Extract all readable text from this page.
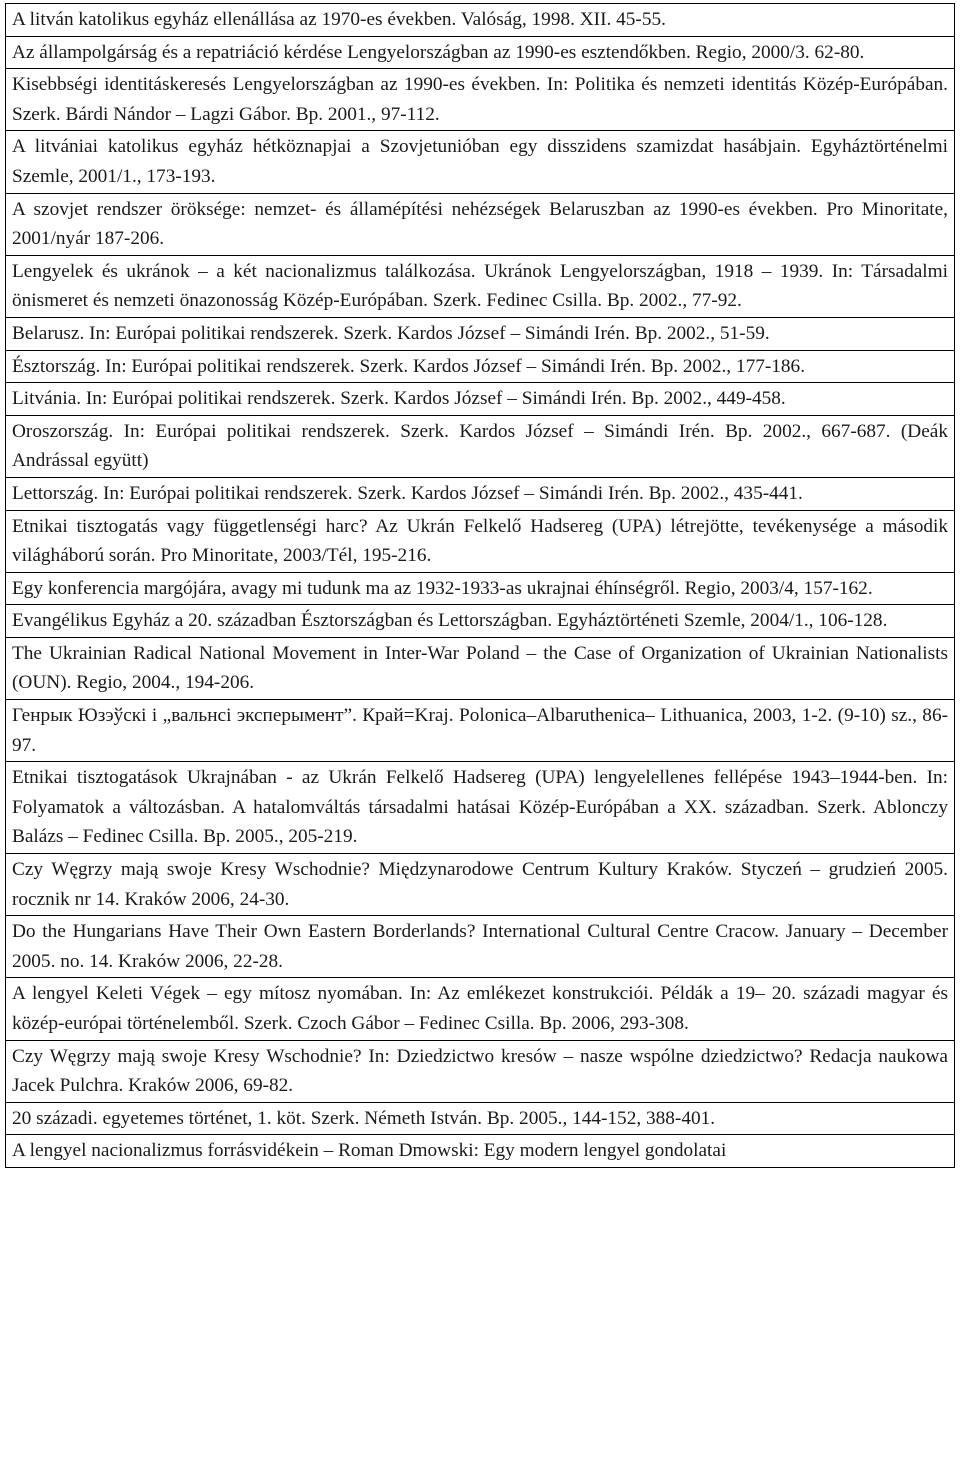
A litván katolikus egyház ellenállása az 1970-es években. Valóság, 1998. XII. 45-55.
Az állampolgárság és a repatriáció kérdése Lengyelországban az 1990-es esztendőkben. Regio, 2000/3. 62-80.
Kisebbségi identitáskeresés Lengyelországban az 1990-es években. In: Politika és nemzeti identitás Közép-Európában. Szerk. Bárdi Nándor – Lagzi Gábor. Bp. 2001., 97-112.
A litvániai katolikus egyház hétköznapjai a Szovjetunióban egy disszidens szamizdat hasábjain. Egyháztörténelmi Szemle, 2001/1., 173-193.
A szovjet rendszer öröksége: nemzet- és államépítési nehézségek Belaruszban az 1990-es években. Pro Minoritate, 2001/nyár 187-206.
Lengyelek és ukránok – a két nacionalizmus találkozása. Ukránok Lengyelországban, 1918 – 1939. In: Társadalmi önismeret és nemzeti önazonosság Közép-Európában. Szerk. Fedinec Csilla. Bp. 2002., 77-92.
Belarusz. In: Európai politikai rendszerek. Szerk. Kardos József – Simándi Irén. Bp. 2002., 51-59.
Észtország. In: Európai politikai rendszerek. Szerk. Kardos József – Simándi Irén. Bp. 2002., 177-186.
Litvánia. In: Európai politikai rendszerek. Szerk. Kardos József – Simándi Irén. Bp. 2002., 449-458.
Oroszország. In: Európai politikai rendszerek. Szerk. Kardos József – Simándi Irén. Bp. 2002., 667-687. (Deák Andrással együtt)
Lettország. In: Európai politikai rendszerek. Szerk. Kardos József – Simándi Irén. Bp. 2002., 435-441.
Etnikai tisztogatás vagy függetlenségi harc? Az Ukrán Felkelő Hadsereg (UPA) létrejötte, tevékenysége a második világháború során. Pro Minoritate, 2003/Tél, 195-216.
Egy konferencia margójára, avagy mi tudunk ma az 1932-1933-as ukrajnai éhínségről. Regio, 2003/4, 157-162.
Evangélikus Egyház a 20. században Észtországban és Lettországban. Egyháztörténeti Szemle, 2004/1., 106-128.
The Ukrainian Radical National Movement in Inter-War Poland – the Case of Organization of Ukrainian Nationalists (OUN). Regio, 2004., 194-206.
Генрык Юзэўскі і „вальнсі эксперымент”. Край=Kraj. Polonica–Albaruthenica– Lithuanica, 2003, 1-2. (9-10) sz., 86-97.
Etnikai tisztogatások Ukrajnában - az Ukrán Felkelő Hadsereg (UPA) lengyelellenes fellépése 1943–1944-ben. In: Folyamatok a változásban. A hatalomváltás társadalmi hatásai Közép-Európában a XX. században. Szerk. Ablonczy Balázs – Fedinec Csilla. Bp. 2005., 205-219.
Czy Węgrzy mają swoje Kresy Wschodnie? Międzynarodowe Centrum Kultury Kraków. Styczeń – grudzień 2005. rocznik nr 14. Kraków 2006, 24-30.
Do the Hungarians Have Their Own Eastern Borderlands? International Cultural Centre Cracow. January – December 2005. no. 14. Kraków 2006, 22-28.
A lengyel Keleti Végek – egy mítosz nyomában. In: Az emlékezet konstrukciói. Példák a 19– 20. századi magyar és közép-európai történelemből. Szerk. Czoch Gábor – Fedinec Csilla. Bp. 2006, 293-308.
Czy Węgrzy mają swoje Kresy Wschodnie? In: Dziedzictwo kresów – nasze wspólne dziedzictwo? Redacja naukowa Jacek Pulchra. Kraków 2006, 69-82.
20 századi. egyetemes történet, 1. köt. Szerk. Németh István. Bp. 2005., 144-152, 388-401.
A lengyel nacionalizmus forrásvidékein – Roman Dmowski: Egy modern lengyel gondolatai
